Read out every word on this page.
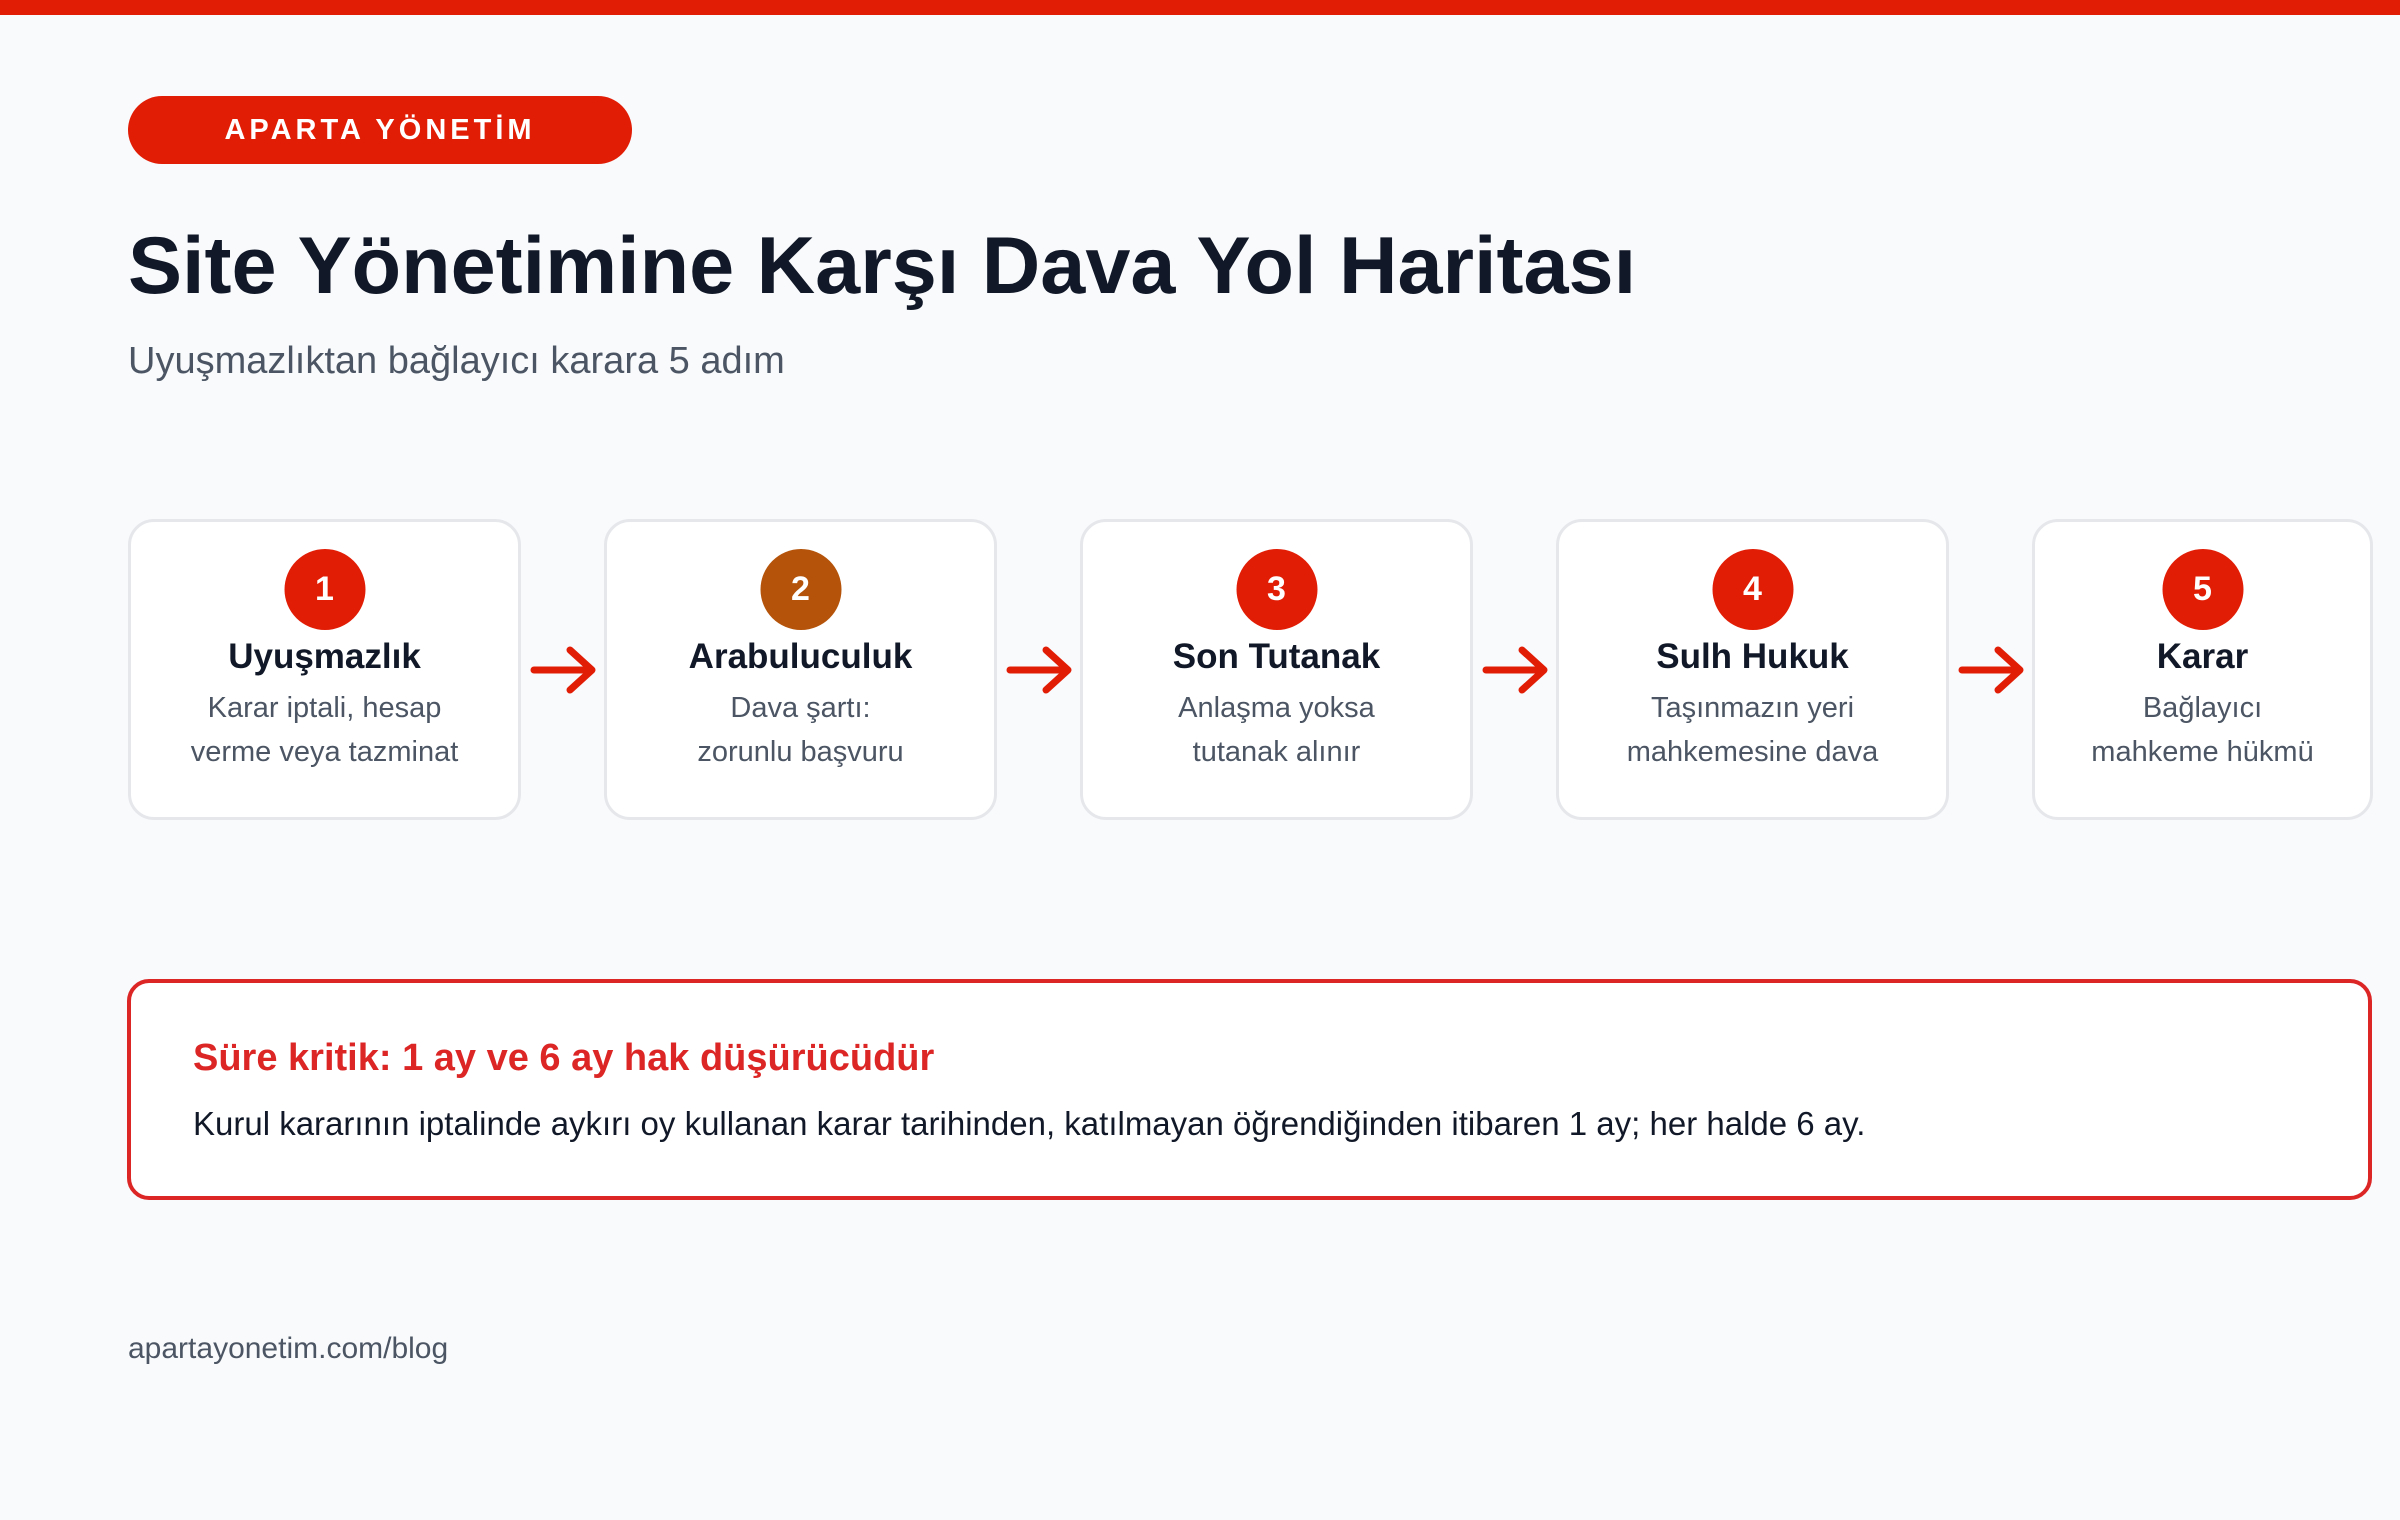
APARTA YÖNETİM
Site Yönetimine Karşı Dava Yol Haritası

Uyuşmazlıktan bağlayıcı karara 5 adım

1
Uyuşmazlık
Karar iptali, hesap
verme veya tazminat
2
Arabuluculuk
Dava şartı:
zorunlu başvuru
3
Son Tutanak
Anlaşma yoksa
tutanak alınır
4
Sulh Hukuk
Taşınmazın yeri
mahkemesine dava
5
Karar
Bağlayıcı
mahkeme hükmü
Süre kritik: 1 ay ve 6 ay hak düşürücüdür
Kurul kararının iptalinde aykırı oy kullanan karar tarihinden, katılmayan öğrendiğinden itibaren 1 ay; her halde 6 ay.
apartayonetim.com/blog
